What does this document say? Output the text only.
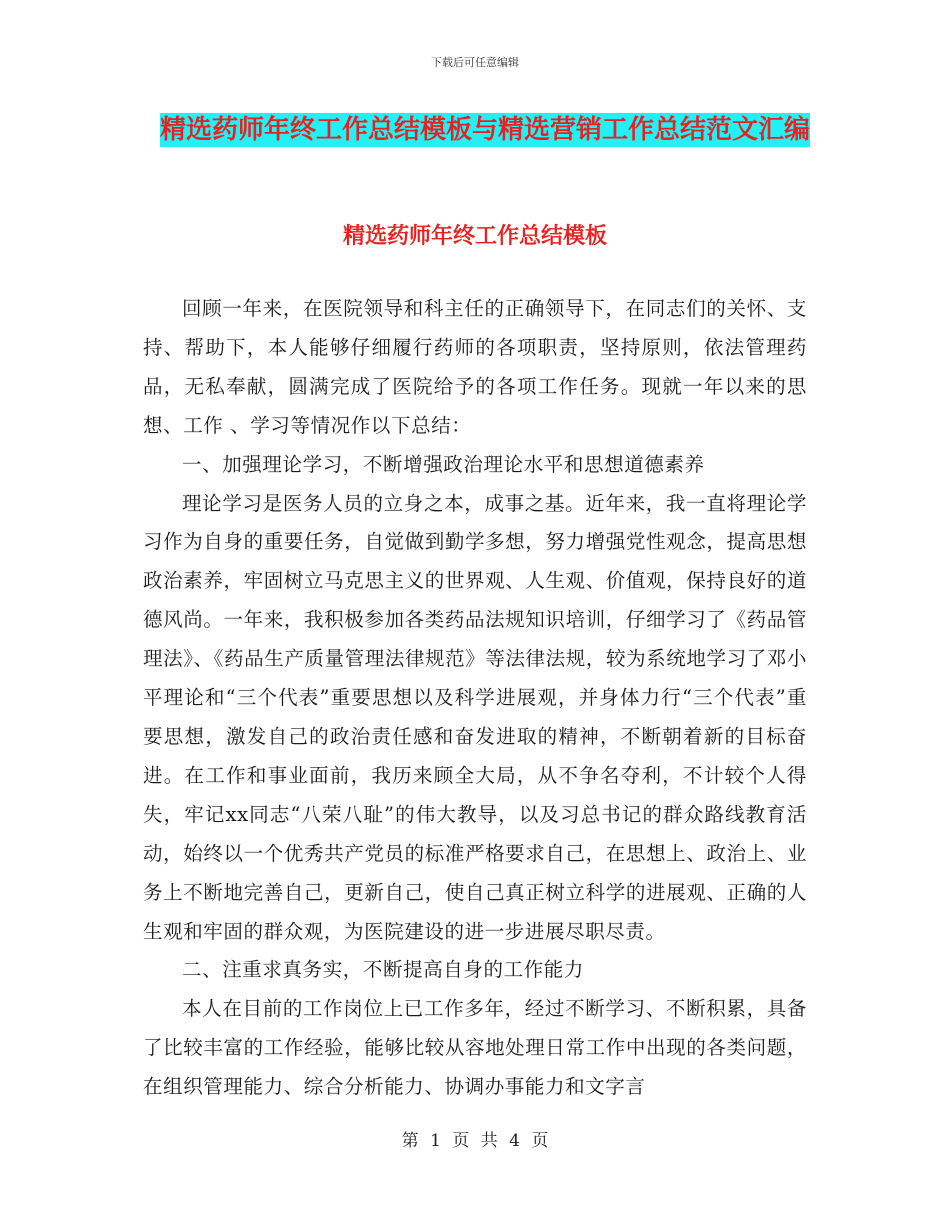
下载后可任意编辑
精选药师年终工作总结模板与精选营销工作总结范文汇编
精选药师年终工作总结模板

回顾一年来，在医院领导和科主任的正确领导下，在同志们的关怀、支持、帮助下，本人能够仔细履行药师的各项职责，坚持原则，依法管理药品，无私奉献，圆满完成了医院给予的各项工作任务。现就一年以来的思想、工作 、学习等情况作以下总结：

一、加强理论学习，不断增强政治理论水平和思想道德素养

理论学习是医务人员的立身之本，成事之基。近年来，我一直将理论学习作为自身的重要任务，自觉做到勤学多想，努力增强党性观念，提高思想政治素养，牢固树立马克思主义的世界观、人生观、价值观，保持良好的道德风尚。一年来，我积极参加各类药品法规知识培训，仔细学习了《药品管理法》、《药品生产质量管理法律规范》等法律法规，较为系统地学习了邓小平理论和“三个代表”重要思想以及科学进展观，并身体力行“三个代表”重要思想，激发自己的政治责任感和奋发进取的精神，不断朝着新的目标奋进。在工作和事业面前，我历来顾全大局，从不争名夺利，不计较个人得失，牢记xx同志“八荣八耻”的伟大教导，以及习总书记的群众路线教育活动，始终以一个优秀共产党员的标准严格要求自己，在思想上、政治上、业务上不断地完善自己，更新自己，使自己真正树立科学的进展观、正确的人生观和牢固的群众观，为医院建设的进一步进展尽职尽责。

二、注重求真务实，不断提高自身的工作能力

本人在目前的工作岗位上已工作多年，经过不断学习、不断积累，具备了比较丰富的工作经验，能够比较从容地处理日常工作中出现的各类问题，在组织管理能力、综合分析能力、协调办事能力和文字言

第 1 页 共 4 页
